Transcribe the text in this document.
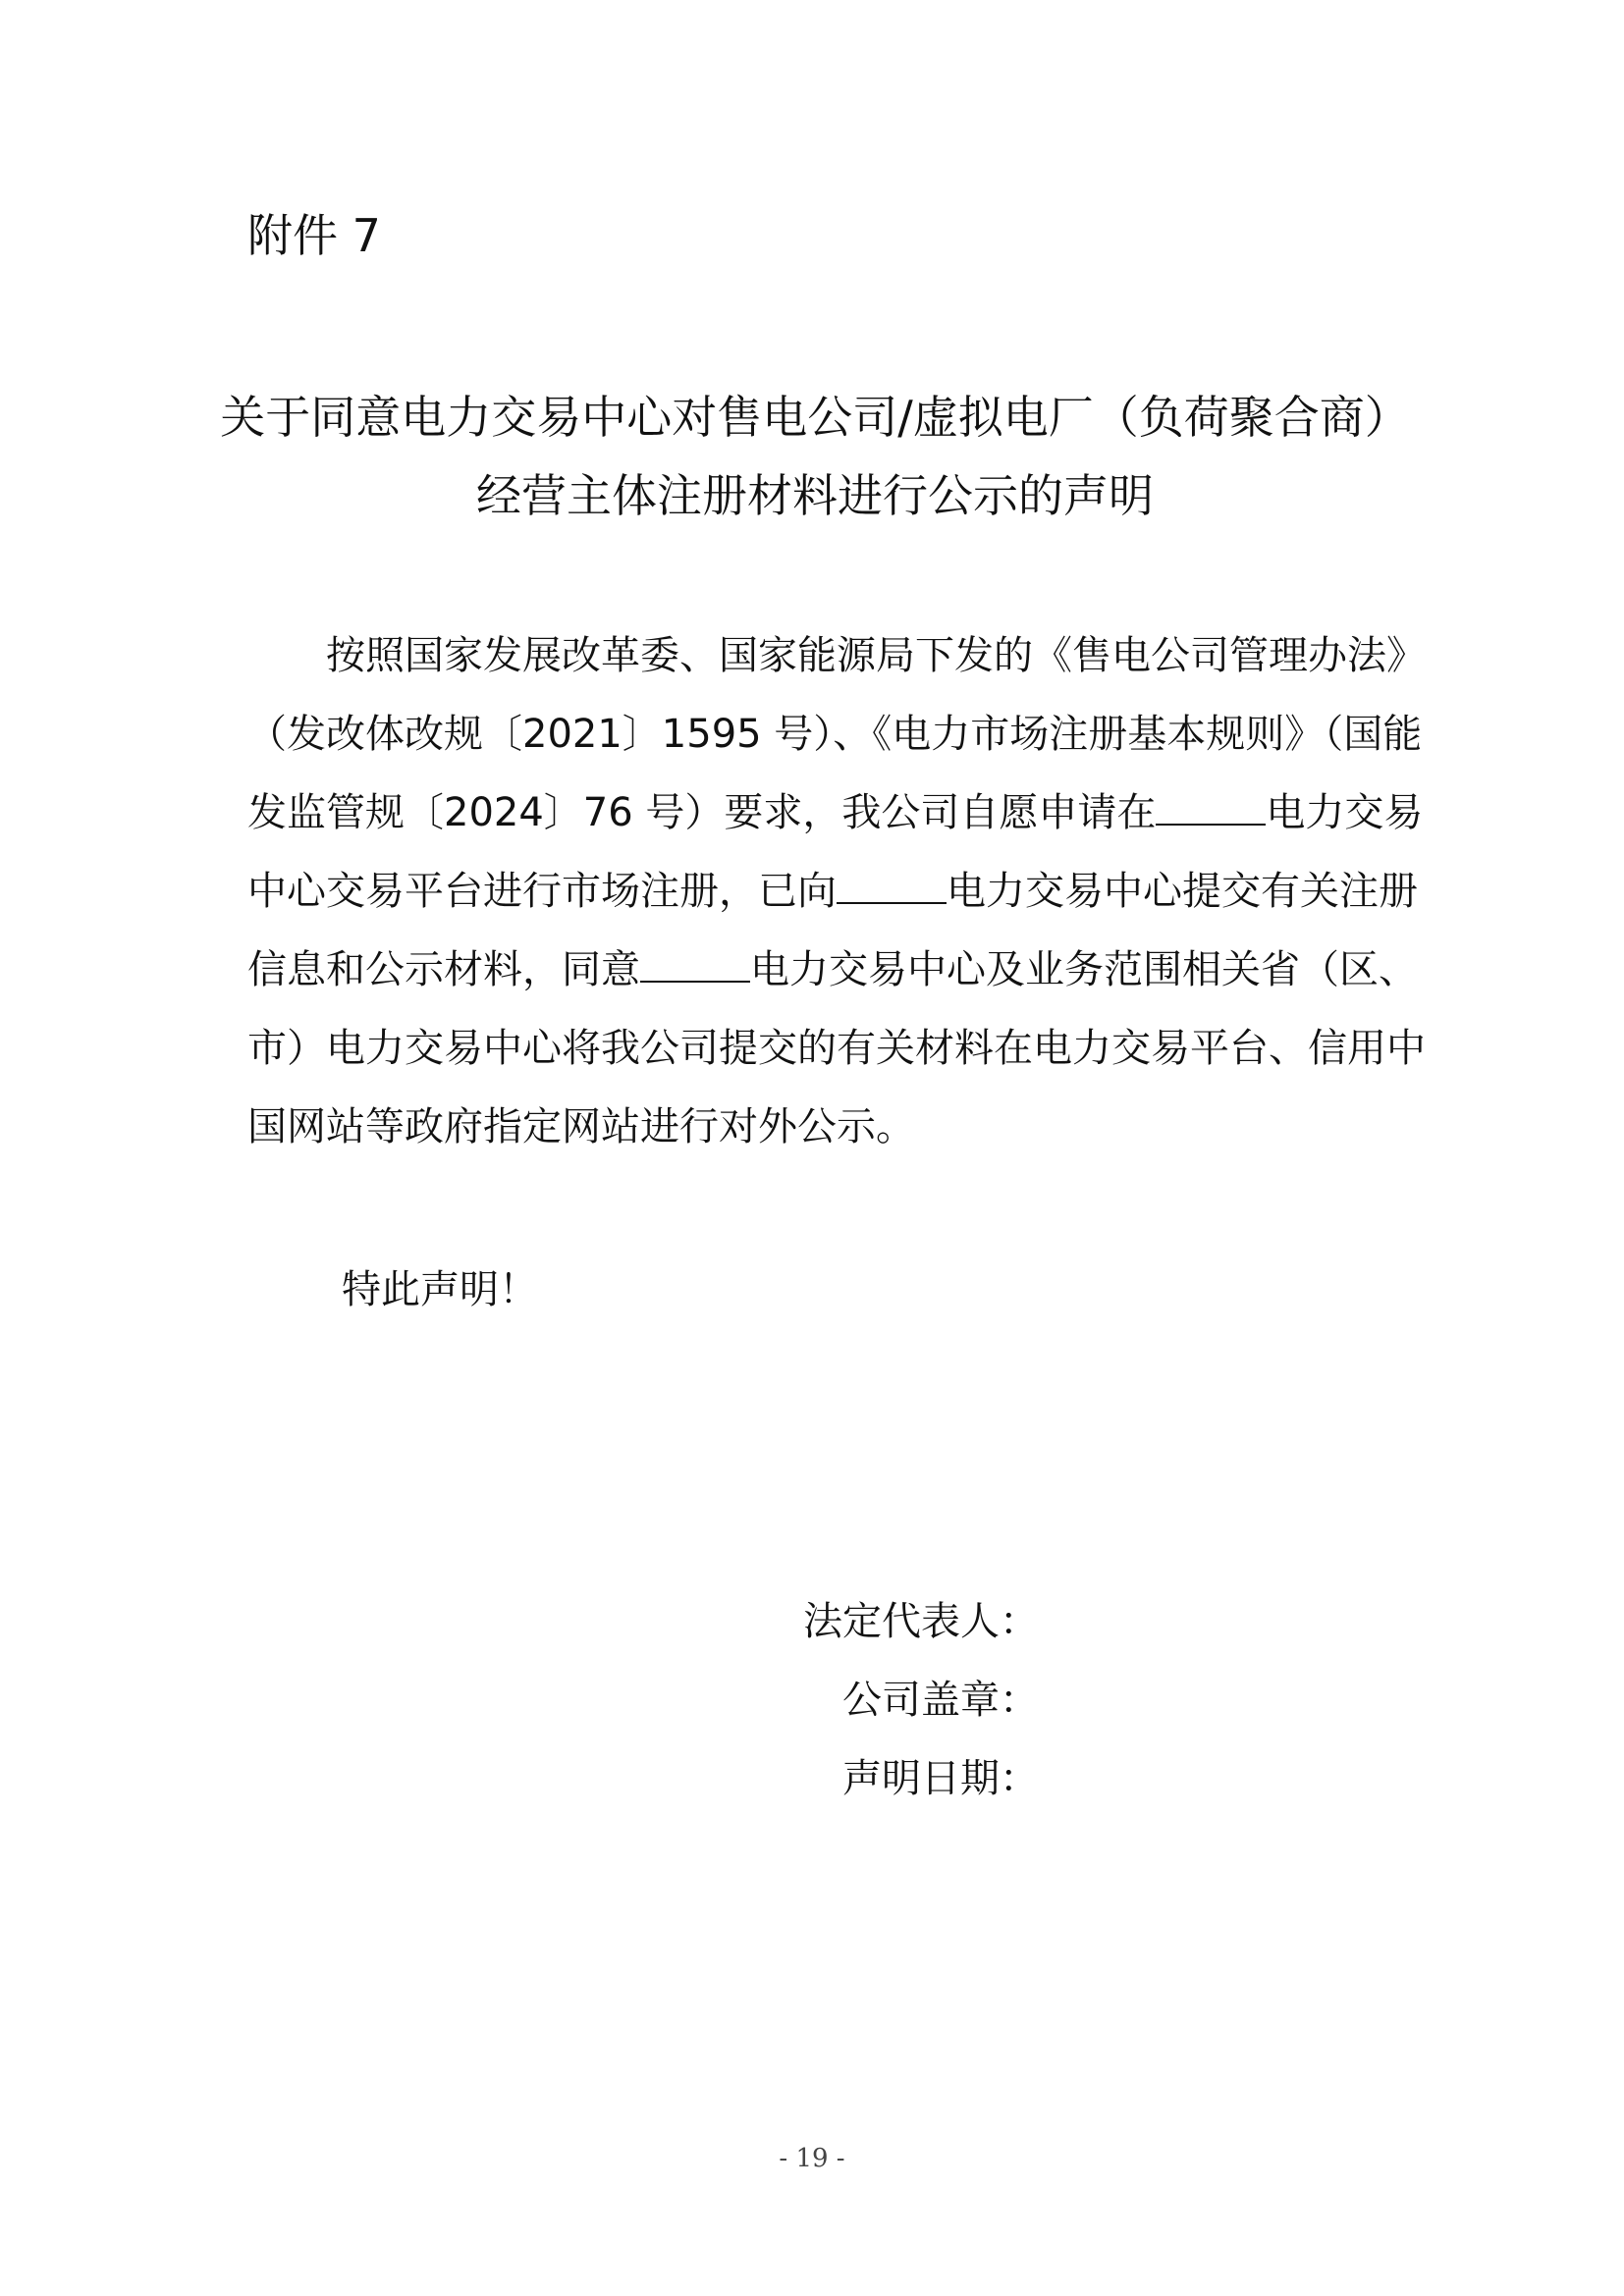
附件 7
关于同意电力交易中心对售电公司/虚拟电厂（负荷聚合商）
经营主体注册材料进行公示的声明
按照国家发展改革委、国家能源局下发的《售电公司管理办法》
（发改体改规〔2021〕1595 号）、《电力市场注册基本规则》（国能
发监管规〔2024〕76 号）要求，我公司自愿申请在	电力交易
中心交易平台进行市场注册，已向	电力交易中心提交有关注册
信息和公示材料，同意	电力交易中心及业务范围相关省（区、
市）电力交易中心将我公司提交的有关材料在电力交易平台、信用中
国网站等政府指定网站进行对外公示。
特此声明！
法定代表人：
公司盖章：
声明日期：
- 19 -
